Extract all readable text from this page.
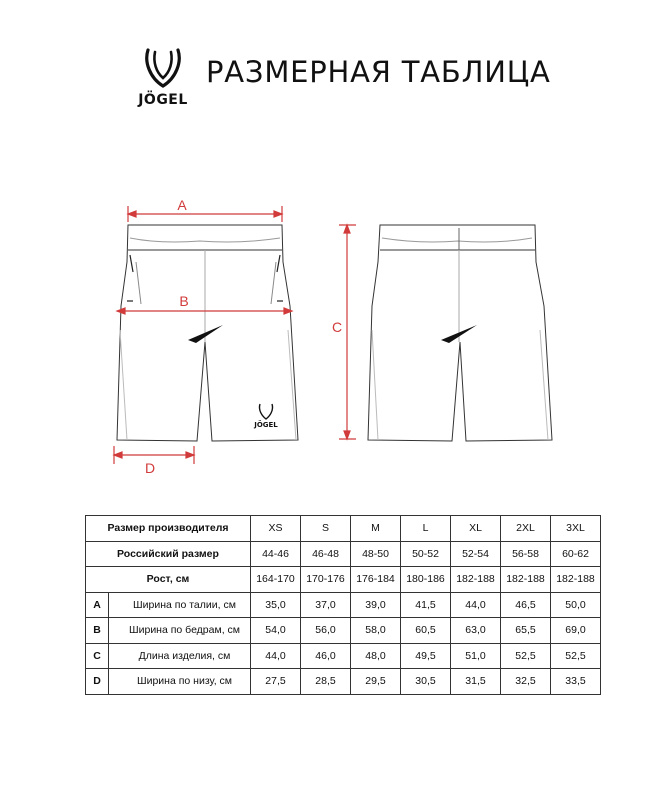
JÖGEL
РАЗМЕРНАЯ ТАБЛИЦА
JÖGEL
A
B
C
D
Размер производителя		XS	S	M	L	XL	2XL	3XL
Российский размер		44-46	46-48	48-50	50-52	52-54	56-58	60-62
Рост, см		164-170	170-176	176-184	180-186	182-188	182-188	182-188
A	Ширина по талии, см	35,0	37,0	39,0	41,5	44,0	46,5	50,0
B	Ширина по бедрам, см	54,0	56,0	58,0	60,5	63,0	65,5	69,0
C	Длина изделия, см	44,0	46,0	48,0	49,5	51,0	52,5	52,5
D	Ширина по низу, см	27,5	28,5	29,5	30,5	31,5	32,5	33,5
